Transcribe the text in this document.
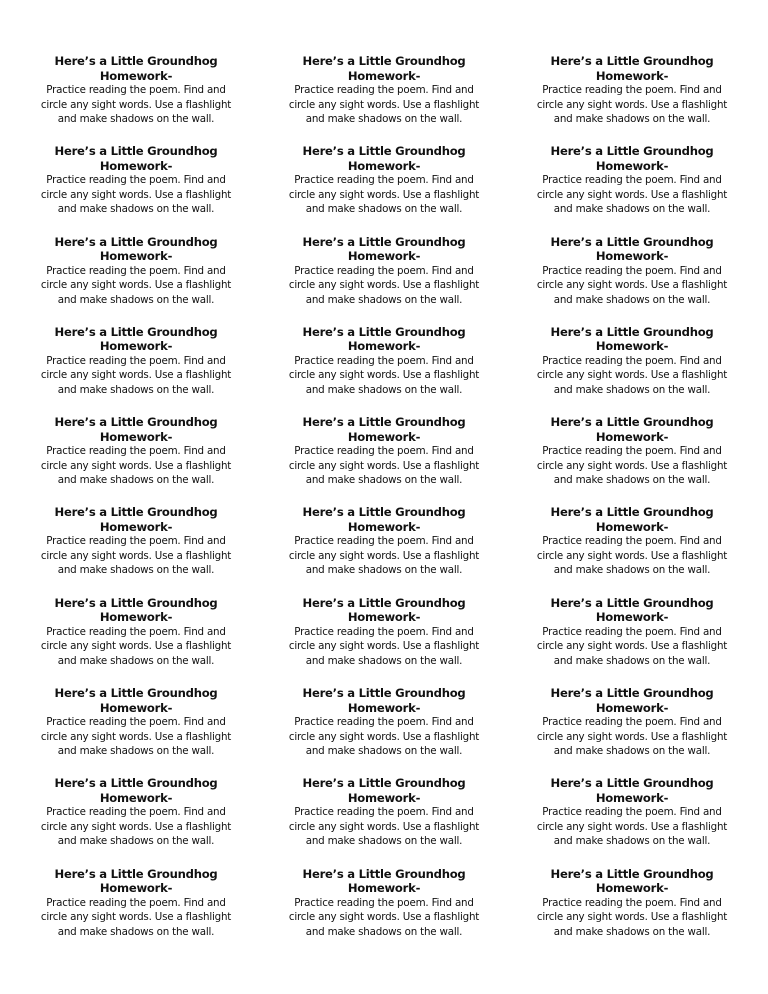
Here’s a Little Groundhog Homework-
Practice reading the poem. Find and circle any sight words. Use a flashlight and make shadows on the wall.
Here’s a Little Groundhog Homework-
Practice reading the poem. Find and circle any sight words. Use a flashlight and make shadows on the wall.
Here’s a Little Groundhog Homework-
Practice reading the poem. Find and circle any sight words. Use a flashlight and make shadows on the wall.
Here’s a Little Groundhog Homework-
Practice reading the poem. Find and circle any sight words. Use a flashlight and make shadows on the wall.
Here’s a Little Groundhog Homework-
Practice reading the poem. Find and circle any sight words. Use a flashlight and make shadows on the wall.
Here’s a Little Groundhog Homework-
Practice reading the poem. Find and circle any sight words. Use a flashlight and make shadows on the wall.
Here’s a Little Groundhog Homework-
Practice reading the poem. Find and circle any sight words. Use a flashlight and make shadows on the wall.
Here’s a Little Groundhog Homework-
Practice reading the poem. Find and circle any sight words. Use a flashlight and make shadows on the wall.
Here’s a Little Groundhog Homework-
Practice reading the poem. Find and circle any sight words. Use a flashlight and make shadows on the wall.
Here’s a Little Groundhog Homework-
Practice reading the poem. Find and circle any sight words. Use a flashlight and make shadows on the wall.
Here’s a Little Groundhog Homework-
Practice reading the poem. Find and circle any sight words. Use a flashlight and make shadows on the wall.
Here’s a Little Groundhog Homework-
Practice reading the poem. Find and circle any sight words. Use a flashlight and make shadows on the wall.
Here’s a Little Groundhog Homework-
Practice reading the poem. Find and circle any sight words. Use a flashlight and make shadows on the wall.
Here’s a Little Groundhog Homework-
Practice reading the poem. Find and circle any sight words. Use a flashlight and make shadows on the wall.
Here’s a Little Groundhog Homework-
Practice reading the poem. Find and circle any sight words. Use a flashlight and make shadows on the wall.
Here’s a Little Groundhog Homework-
Practice reading the poem. Find and circle any sight words. Use a flashlight and make shadows on the wall.
Here’s a Little Groundhog Homework-
Practice reading the poem. Find and circle any sight words. Use a flashlight and make shadows on the wall.
Here’s a Little Groundhog Homework-
Practice reading the poem. Find and circle any sight words. Use a flashlight and make shadows on the wall.
Here’s a Little Groundhog Homework-
Practice reading the poem. Find and circle any sight words. Use a flashlight and make shadows on the wall.
Here’s a Little Groundhog Homework-
Practice reading the poem. Find and circle any sight words. Use a flashlight and make shadows on the wall.
Here’s a Little Groundhog Homework-
Practice reading the poem. Find and circle any sight words. Use a flashlight and make shadows on the wall.
Here’s a Little Groundhog Homework-
Practice reading the poem. Find and circle any sight words. Use a flashlight and make shadows on the wall.
Here’s a Little Groundhog Homework-
Practice reading the poem. Find and circle any sight words. Use a flashlight and make shadows on the wall.
Here’s a Little Groundhog Homework-
Practice reading the poem. Find and circle any sight words. Use a flashlight and make shadows on the wall.
Here’s a Little Groundhog Homework-
Practice reading the poem. Find and circle any sight words. Use a flashlight and make shadows on the wall.
Here’s a Little Groundhog Homework-
Practice reading the poem. Find and circle any sight words. Use a flashlight and make shadows on the wall.
Here’s a Little Groundhog Homework-
Practice reading the poem. Find and circle any sight words. Use a flashlight and make shadows on the wall.
Here’s a Little Groundhog Homework-
Practice reading the poem. Find and circle any sight words. Use a flashlight and make shadows on the wall.
Here’s a Little Groundhog Homework-
Practice reading the poem. Find and circle any sight words. Use a flashlight and make shadows on the wall.
Here’s a Little Groundhog Homework-
Practice reading the poem. Find and circle any sight words. Use a flashlight and make shadows on the wall.
